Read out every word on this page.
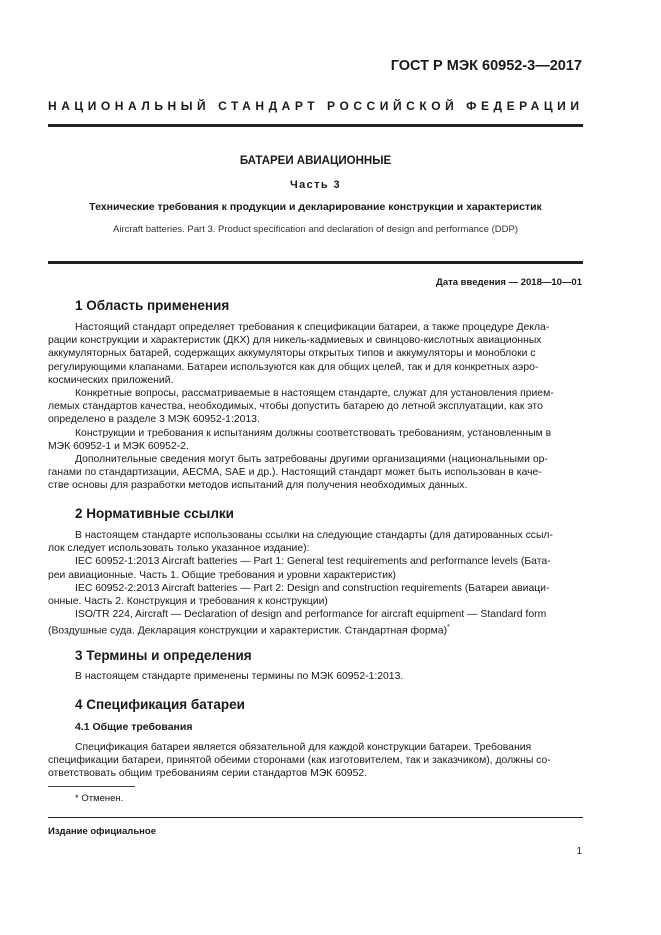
ГОСТ Р МЭК 60952-3—2017
НАЦИОНАЛЬНЫЙ СТАНДАРТ РОССИЙСКОЙ ФЕДЕРАЦИИ
БАТАРЕИ АВИАЦИОННЫЕ
Часть 3
Технические требования к продукции и декларирование конструкции и характеристик
Aircraft batteries. Part 3. Product specification and declaration of design and performance (DDP)
Дата введения — 2018—10—01
1 Область применения
Настоящий стандарт определяет требования к спецификации батареи, а также процедуре Декла-
рации конструкции и характеристик (ДКХ) для никель-кадмиевых и свинцово-кислотных авиационных
аккумуляторных батарей, содержащих аккумуляторы открытых типов и аккумуляторы и моноблоки с
регулирующими клапанами. Батареи используются как для общих целей, так и для конкретных аэро-
космических приложений.
Конкретные вопросы, рассматриваемые в настоящем стандарте, служат для установления прием-
лемых стандартов качества, необходимых, чтобы допустить батарею до летной эксплуатации, как это
определено в разделе 3 МЭК 60952-1:2013.
Конструкции и требования к испытаниям должны соответствовать требованиям, установленным в
МЭК 60952-1 и МЭК 60952-2.
Дополнительные сведения могут быть затребованы другими организациями (национальными ор-
ганами по стандартизации, AECMA, SAE и др.). Настоящий стандарт может быть использован в каче-
стве основы для разработки методов испытаний для получения необходимых данных.
2 Нормативные ссылки
В настоящем стандарте использованы ссылки на следующие стандарты (для датированных ссыл-
лок следует использовать только указанное издание):
IEC 60952-1:2013 Aircraft batteries — Part 1: General test requirements and performance levels (Бата-
реи авиационные. Часть 1. Общие требования и уровни характеристик)
IEC 60952-2:2013 Aircraft batteries — Part 2: Design and construction requirements (Батареи авиаци-
онные. Часть 2. Конструкция и требования к конструкции)
ISO/TR 224, Aircraft — Declaration of design and performance for aircraft equipment — Standard form
(Воздушные суда. Декларация конструкции и характеристик. Стандартная форма)*
3 Термины и определения
В настоящем стандарте применены термины по МЭК 60952-1:2013.
4 Спецификация батареи
4.1 Общие требования
Спецификация батареи является обязательной для каждой конструкции батареи. Требования
спецификации батареи, принятой обеими сторонами (как изготовителем, так и заказчиком), должны со-
ответствовать общим требованиям серии стандартов МЭК 60952.
* Отменен.
Издание официальное
1
